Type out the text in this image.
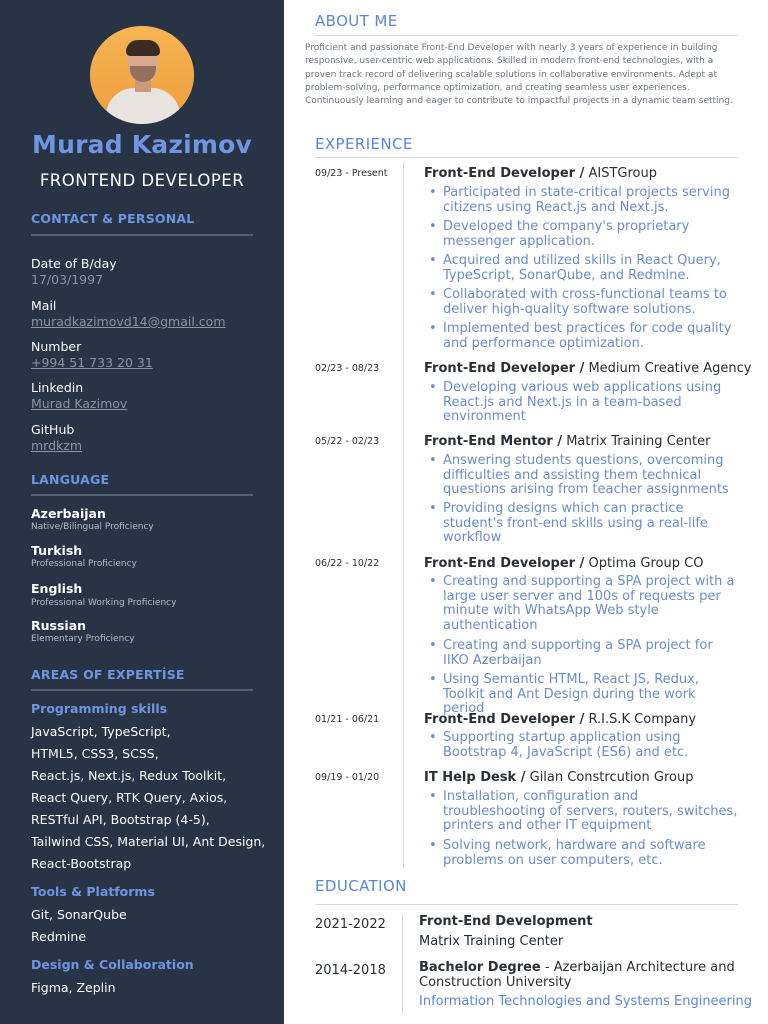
Murad Kazimov
FRONTEND DEVELOPER
CONTACT & PERSONAL
Date of B/day
17/03/1997
Mail
muradkazimovd14@gmail.com
Number
+994 51 733 20 31
Linkedin
Murad Kazimov
GitHub
mrdkzm
LANGUAGE
Azerbaijan
Native/Bilingual Proficiency
Turkish
Professional Proficiency
English
Professional Working Proficiency
Russian
Elementary Proficiency
AREAS OF EXPERTİSE
Programming skills
JavaScript, TypeScript,
HTML5, CSS3, SCSS,
React.js, Next.js, Redux Toolkit,
React Query, RTK Query, Axios,
RESTful API, Bootstrap (4-5),
Tailwind CSS, Material UI, Ant Design,
React-Bootstrap
Tools & Platforms
Git, SonarQube
Redmine
Design & Collaboration
Figma, Zeplin
ABOUT ME
Proficient and passionate Front-End Developer with nearly 3 years of experience in building responsive, user-centric web applications. Skilled in modern front-end technologies, with a proven track record of delivering scalable solutions in collaborative environments. Adept at problem-solving, performance optimization, and creating seamless user experiences. Continuously learning and eager to contribute to impactful projects in a dynamic team setting.
EXPERIENCE
09/23 - Present	Front-End Developer / AISTGroup
• Participated in state-critical projects serving citizens using React.js and Next.js.
• Developed the company's proprietary messenger application.
• Acquired and utilized skills in React Query, TypeScript, SonarQube, and Redmine.
• Collaborated with cross-functional teams to deliver high-quality software solutions.
• Implemented best practices for code quality and performance optimization.
02/23 - 08/23	Front-End Developer / Medium Creative Agency
• Developing various web applications using React.js and Next.js in a team-based environment
05/22 - 02/23	Front-End Mentor / Matrix Training Center
• Answering students questions, overcoming difficulties and assisting them technical questions arising from teacher assignments
• Providing designs which can practice student's front-end skills using a real-life workflow
06/22 - 10/22	Front-End Developer / Optima Group CO
• Creating and supporting a SPA project with a large user server and 100s of requests per minute with WhatsApp Web style authentication
• Creating and supporting a SPA project for IIKO Azerbaijan
• Using Semantic HTML, React JS, Redux, Toolkit and Ant Design during the work period
01/21 - 06/21	Front-End Developer / R.I.S.K Company
• Supporting startup application using Bootstrap 4, JavaScript (ES6) and etc.
09/19 - 01/20	IT Help Desk / Gilan Constrcution Group
• Installation, configuration and troubleshooting of servers, routers, switches, printers and other IT equipment
• Solving network, hardware and software problems on user computers, etc.
EDUCATION
2021-2022	Front-End Development
Matrix Training Center
2014-2018	Bachelor Degree - Azerbaijan Architecture and Construction University
Information Technologies and Systems Engineering
